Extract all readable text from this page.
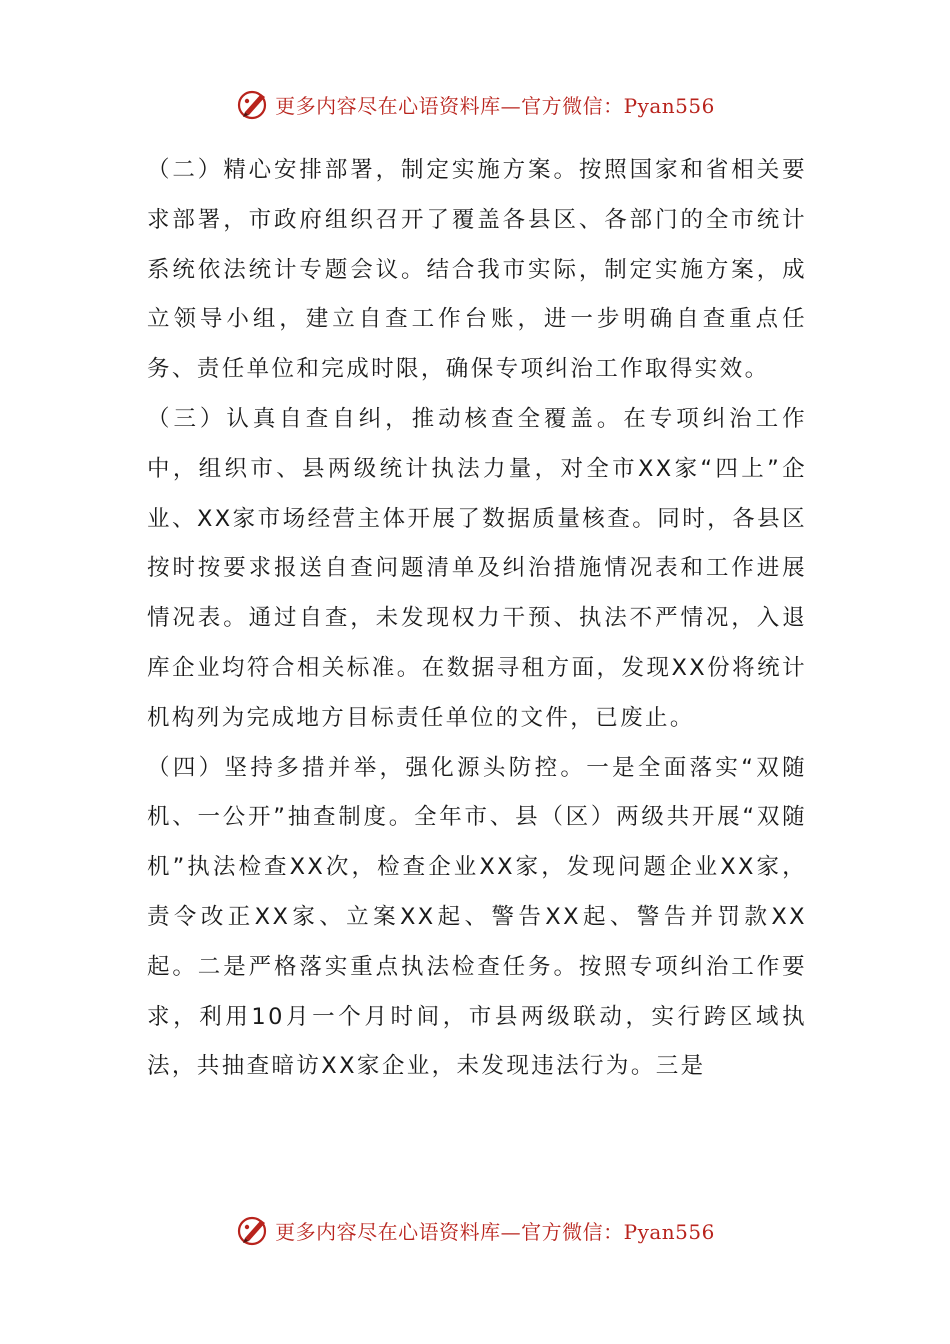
更多内容尽在心语资料库—官方微信：Pyan556

（二）精心安排部署，制定实施方案。按照国家和省相关要求部署，市政府组织召开了覆盖各县区、各部门的全市统计系统依法统计专题会议。结合我市实际，制定实施方案，成立领导小组，建立自查工作台账，进一步明确自查重点任务、责任单位和完成时限，确保专项纠治工作取得实效。

（三）认真自查自纠，推动核查全覆盖。在专项纠治工作中，组织市、县两级统计执法力量，对全市XX家“四上”企业、XX家市场经营主体开展了数据质量核查。同时，各县区按时按要求报送自查问题清单及纠治措施情况表和工作进展情况表。通过自查，未发现权力干预、执法不严情况，入退库企业均符合相关标准。在数据寻租方面，发现XX份将统计机构列为完成地方目标责任单位的文件，已废止。

（四）坚持多措并举，强化源头防控。一是全面落实“双随机、一公开”抽查制度。全年市、县（区）两级共开展“双随机”执法检查XX次，检查企业XX家，发现问题企业XX家，责令改正XX家、立案XX起、警告XX起、警告并罚款XX起。二是严格落实重点执法检查任务。按照专项纠治工作要求，利用10月一个月时间，市县两级联动，实行跨区域执法，共抽查暗访XX家企业，未发现违法行为。三是

更多内容尽在心语资料库—官方微信：Pyan556
